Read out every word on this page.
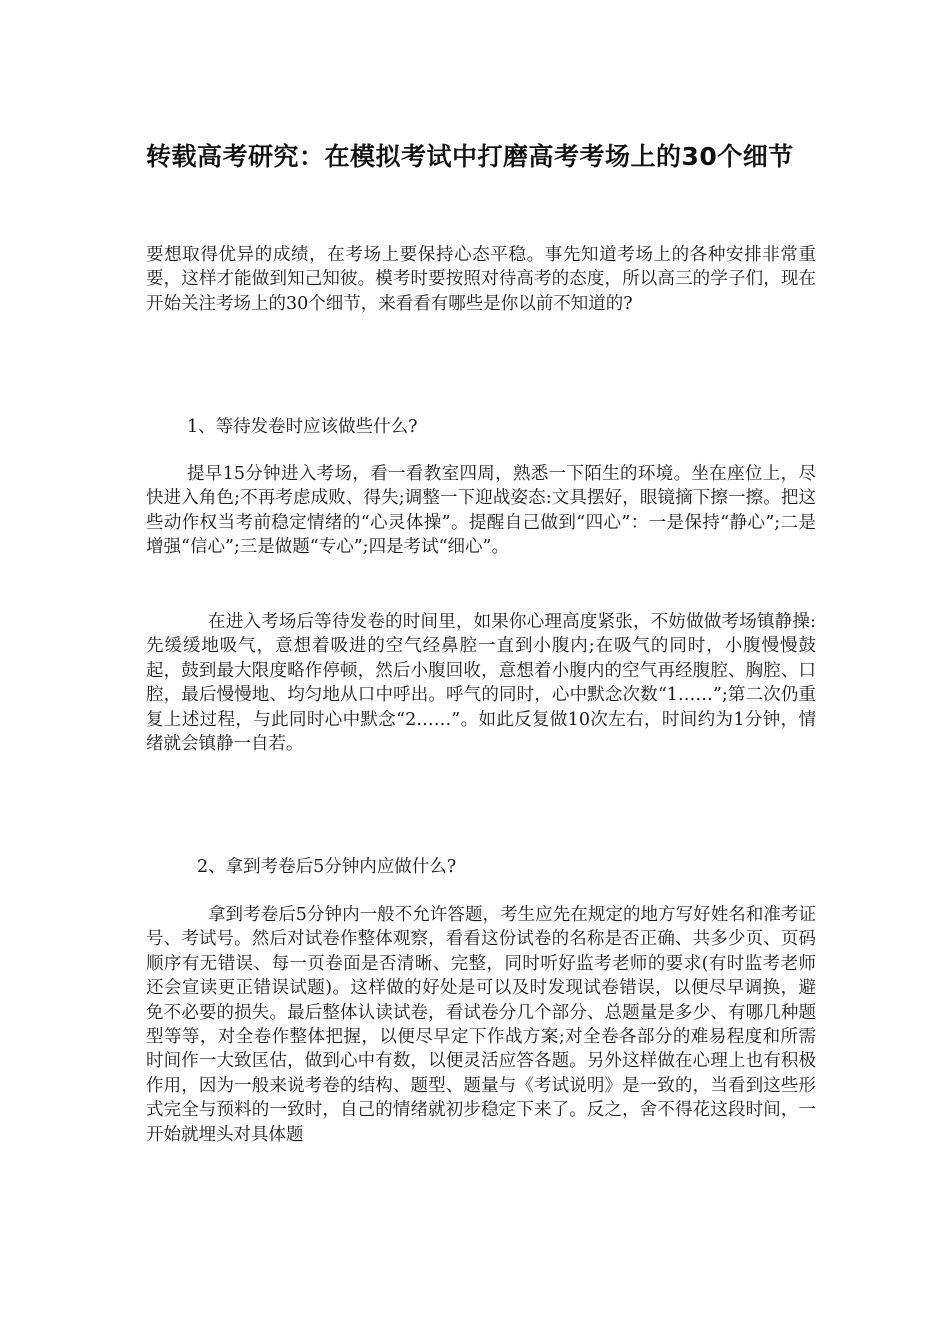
转载高考研究：在模拟考试中打磨高考考场上的30个细节

要想取得优异的成绩，在考场上要保持心态平稳。事先知道考场上的各种安排非常重要，这样才能做到知己知彼。模考时要按照对待高考的态度，所以高三的学子们，现在开始关注考场上的30个细节，来看看有哪些是你以前不知道的?

1、等待发卷时应该做些什么?

提早15分钟进入考场，看一看教室四周，熟悉一下陌生的环境。坐在座位上，尽快进入角色;不再考虑成败、得失;调整一下迎战姿态:文具摆好，眼镜摘下擦一擦。把这些动作权当考前稳定情绪的“心灵体操”。提醒自己做到“四心”：一是保持“静心”;二是增强“信心”;三是做题“专心”;四是考试“细心”。

在进入考场后等待发卷的时间里，如果你心理高度紧张，不妨做做考场镇静操:先缓缓地吸气，意想着吸进的空气经鼻腔一直到小腹内;在吸气的同时，小腹慢慢鼓起，鼓到最大限度略作停顿，然后小腹回收，意想着小腹内的空气再经腹腔、胸腔、口腔，最后慢慢地、均匀地从口中呼出。呼气的同时，心中默念次数“1……”;第二次仍重复上述过程，与此同时心中默念“2……”。如此反复做10次左右，时间约为1分钟，情绪就会镇静一自若。

2、拿到考卷后5分钟内应做什么?

拿到考卷后5分钟内一般不允许答题，考生应先在规定的地方写好姓名和准考证号、考试号。然后对试卷作整体观察，看看这份试卷的名称是否正确、共多少页、页码顺序有无错误、每一页卷面是否清晰、完整，同时听好监考老师的要求(有时监考老师还会宣读更正错误试题)。这样做的好处是可以及时发现试卷错误，以便尽早调换，避免不必要的损失。最后整体认读试卷，看试卷分几个部分、总题量是多少、有哪几种题型等等，对全卷作整体把握，以便尽早定下作战方案;对全卷各部分的难易程度和所需时间作一大致匡估，做到心中有数，以便灵活应答各题。另外这样做在心理上也有积极作用，因为一般来说考卷的结构、题型、题量与《考试说明》是一致的，当看到这些形式完全与预料的一致时，自己的情绪就初步稳定下来了。反之，舍不得花这段时间，一开始就埋头对具体题
